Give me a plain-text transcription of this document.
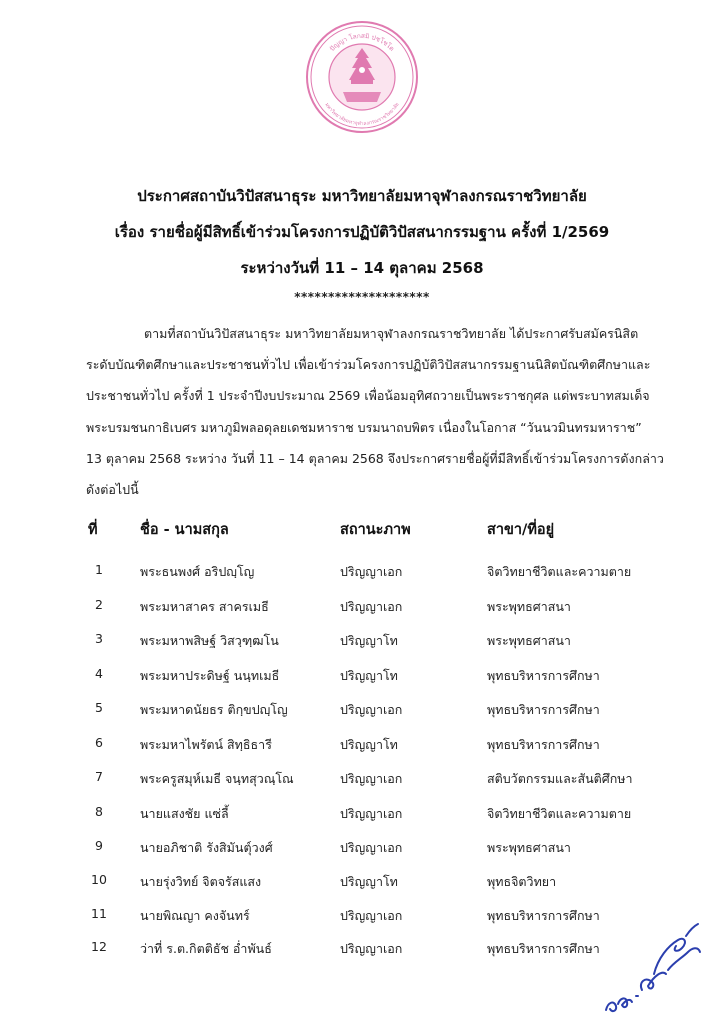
ปัญญา โลกสมิ ปชโชโต
มหาวิทยาลัยมหาจุฬาลงกรณราชวิทยาลัย
ประกาศสถาบันวิปัสสนาธุระ มหาวิทยาลัยมหาจุฬาลงกรณราชวิทยาลัย
เรื่อง รายชื่อผู้มีสิทธิ์เข้าร่วมโครงการปฏิบัติวิปัสสนากรรมฐาน ครั้งที่ 1/2569
ระหว่างวันที่ 11 – 14 ตุลาคม 2568
********************
ตามที่สถาบันวิปัสสนาธุระ มหาวิทยาลัยมหาจุฬาลงกรณราชวิทยาลัย ได้ประกาศรับสมัครนิสิต
ระดับบัณฑิตศึกษาและประชาชนทั่วไป เพื่อเข้าร่วมโครงการปฏิบัติวิปัสสนากรรมฐานนิสิตบัณฑิตศึกษาและ
ประชาชนทั่วไป ครั้งที่ 1 ประจำปีงบประมาณ 2569 เพื่อน้อมอุทิศถวายเป็นพระราชกุศล แด่พระบาทสมเด็จ
พระบรมชนกาธิเบศร มหาภูมิพลอดุลยเดชมหาราช บรมนาถบพิตร เนื่องในโอกาส “วันนวมินทรมหาราช”
13 ตุลาคม 2568 ระหว่าง วันที่ 11 – 14 ตุลาคม 2568 จึงประกาศรายชื่อผู้ที่มีสิทธิ์เข้าร่วมโครงการดังกล่าว
ดังต่อไปนี้
ที่	ชื่อ - นามสกุล	สถานะภาพ	สาขา/ที่อยู่
1	พระธนพงศ์ อริปญฺโญ	ปริญญาเอก	จิตวิทยาชีวิตและความตาย
2	พระมหาสาคร สาครเมธี	ปริญญาเอก	พระพุทธศาสนา
3	พระมหาพสิษฐ์ วิสวฺฑฺฒโน	ปริญญาโท	พระพุทธศาสนา
4	พระมหาประดิษฐ์ นนฺทเมธี	ปริญญาโท	พุทธบริหารการศึกษา
5	พระมหาดนัยธร ติกฺขปญฺโญ	ปริญญาเอก	พุทธบริหารการศึกษา
6	พระมหาไพรัตน์ สิทฺธิธารี	ปริญญาโท	พุทธบริหารการศึกษา
7	พระครูสมุห์เมธี จนฺทสุวณฺโณ	ปริญญาเอก	สติบวัตกรรมและสันติศึกษา
8	นายแสงชัย แซ่ลี้	ปริญญาเอก	จิตวิทยาชีวิตและความตาย
9	นายอภิชาติ รังสิมันตุ์วงศ์	ปริญญาเอก	พระพุทธศาสนา
10	นายรุ่งวิทย์ จิตจรัสแสง	ปริญญาโท	พุทธจิตวิทยา
11	นายพิณญา คงจันทร์	ปริญญาเอก	พุทธบริหารการศึกษา
12	ว่าที่ ร.ต.กิตติธัช อ่ำพันธ์	ปริญญาเอก	พุทธบริหารการศึกษา
